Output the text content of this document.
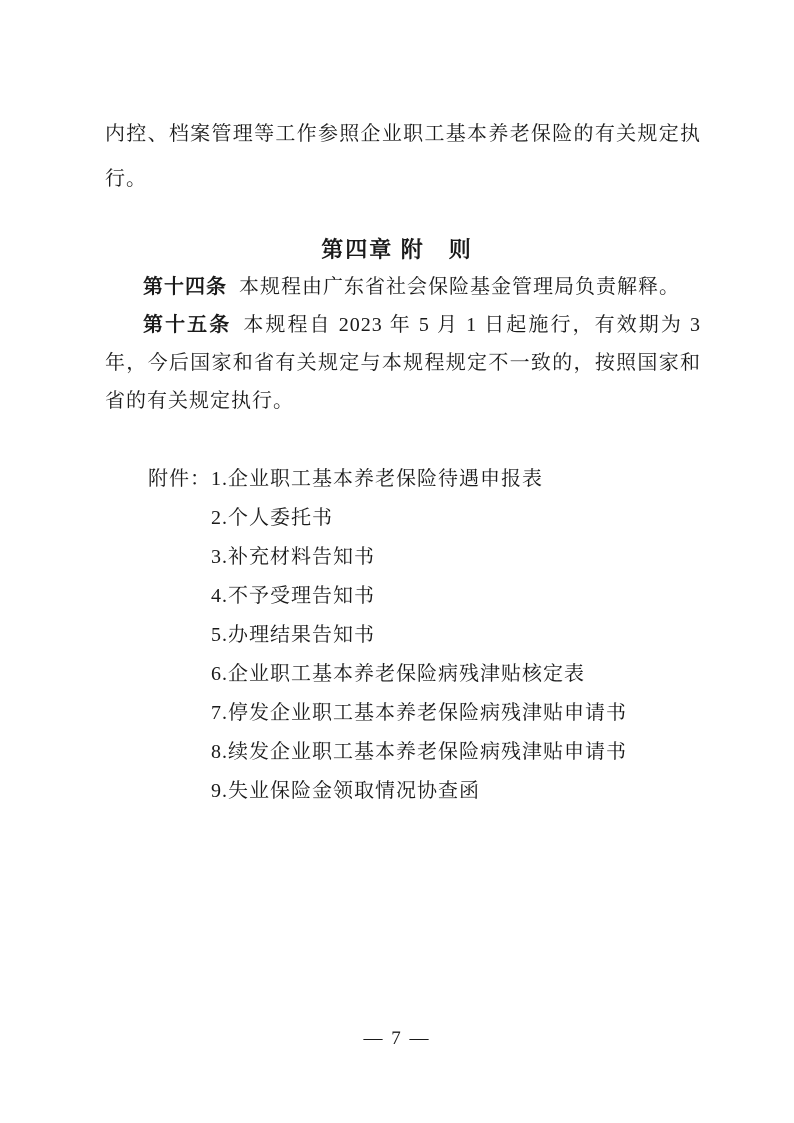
内控、档案管理等工作参照企业职工基本养老保险的有关规定执行。

第四章 附　则

第十四条 本规程由广东省社会保险基金管理局负责解释。

第十五条 本规程自 2023 年 5 月 1 日起施行，有效期为 3 年，今后国家和省有关规定与本规程规定不一致的，按照国家和省的有关规定执行。

附件： 1.企业职工基本养老保险待遇申报表
2.个人委托书
3.补充材料告知书
4.不予受理告知书
5.办理结果告知书
6.企业职工基本养老保险病残津贴核定表
7.停发企业职工基本养老保险病残津贴申请书
8.续发企业职工基本养老保险病残津贴申请书
9.失业保险金领取情况协查函
— 7 —
